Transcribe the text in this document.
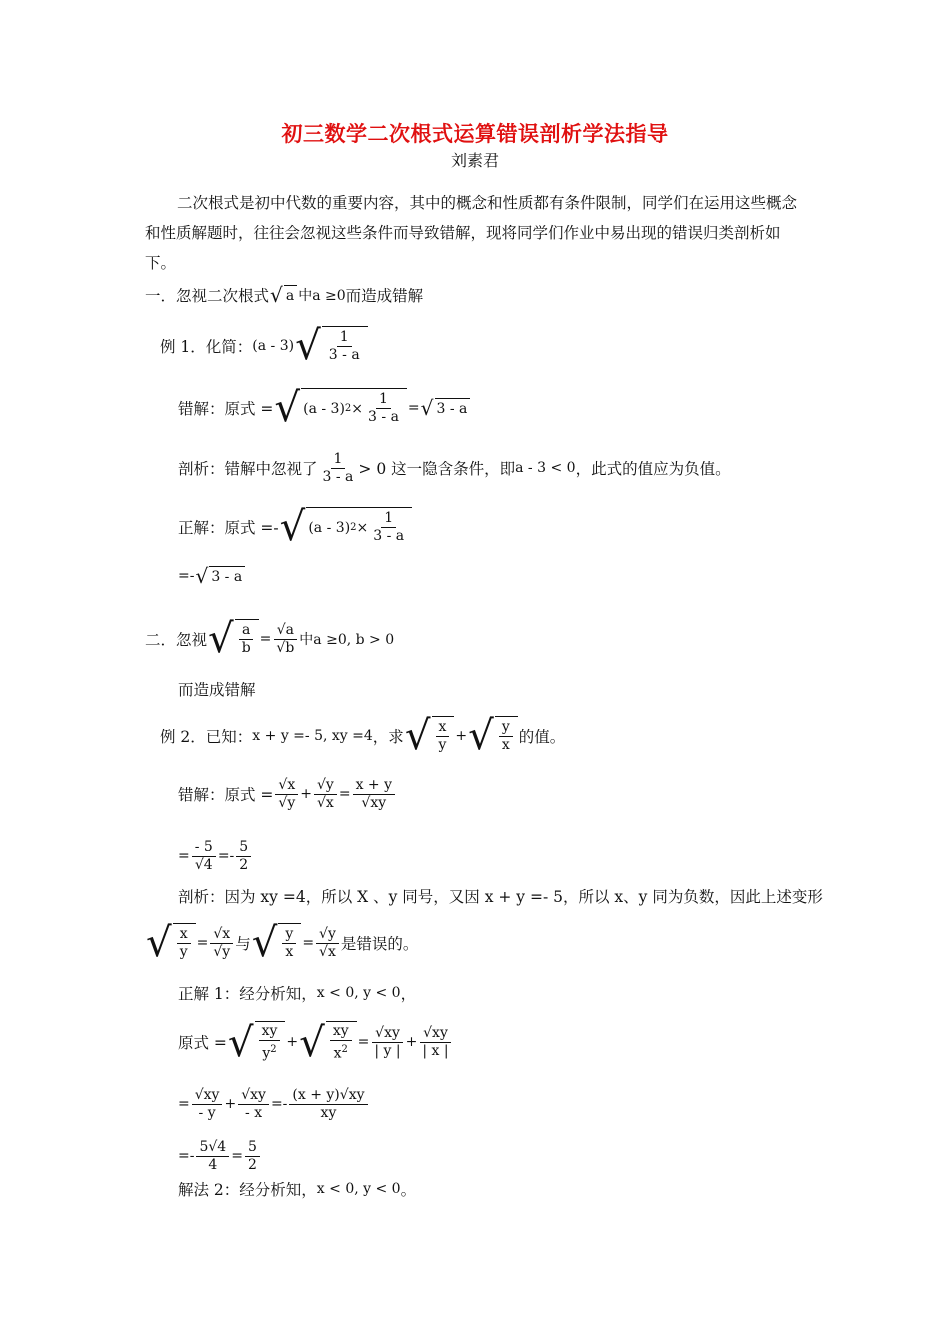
初三数学二次根式运算错误剖析学法指导
刘素君

二次根式是初中代数的重要内容，其中的概念和性质都有条件限制，同学们在运用这些概念和性质解题时，往往会忽视这些条件而导致错解，现将同学们作业中易出现的错误归类剖析如下。

一．忽视二次根式 √ a 中a ≥0 而造成错解
例 1．化简： (a - 3) √ $\frac{1}{3 - a}$
错解：原式 = √ (a - 3) $2 \times \frac{1}{3 - a}$ = √ 3 - a
剖析：错解中忽视了 $\frac{1}{3 - a} > 0$ 这一隐含条件，即 a - 3 < 0 ，此式的值应为负值。
正解：原式 =- √ (a - 3) $2 \times \frac{1}{3 - a}$
=- √ 3 - a
二．忽视 √ $\frac{a}{b} = \frac{√a}{√b}$ 中a ≥0, b > 0
而造成错解
例 2．已知： x + y =- 5, xy =4 ，求 √ $\frac{x}{y}$ + √ $\frac{y}{x}$ 的值。
错解：原式 = $\frac{√x}{√y} + \frac{√y}{√x} = \frac{x + y}{√xy}$
= $\frac{- 5}{√4} =- \frac{5}{2}$
剖析：因为 xy =4，所以 X 、y 同号，又因 x + y =- 5，所以 x、y 同为负数，因此上述变形
√ $\frac{x}{y} = \frac{√x}{√y}$ 与 √ $\frac{y}{x} = \frac{√y}{√x}$ 是错误的。
正解 1：经分析知， x < 0, y < 0 ，
原式 = √ $\frac{xy}{y^2}$ + √ $\frac{xy}{x^2} = \frac{√xy}{| y |} + \frac{√xy}{| x |}$
= $\frac{√xy}{- y} + \frac{√xy}{- x} =- \frac{(x + y)√xy}{xy}$
=- $\frac{5√4}{4} = \frac{5}{2}$
解法 2：经分析知， x < 0, y < 0 。
